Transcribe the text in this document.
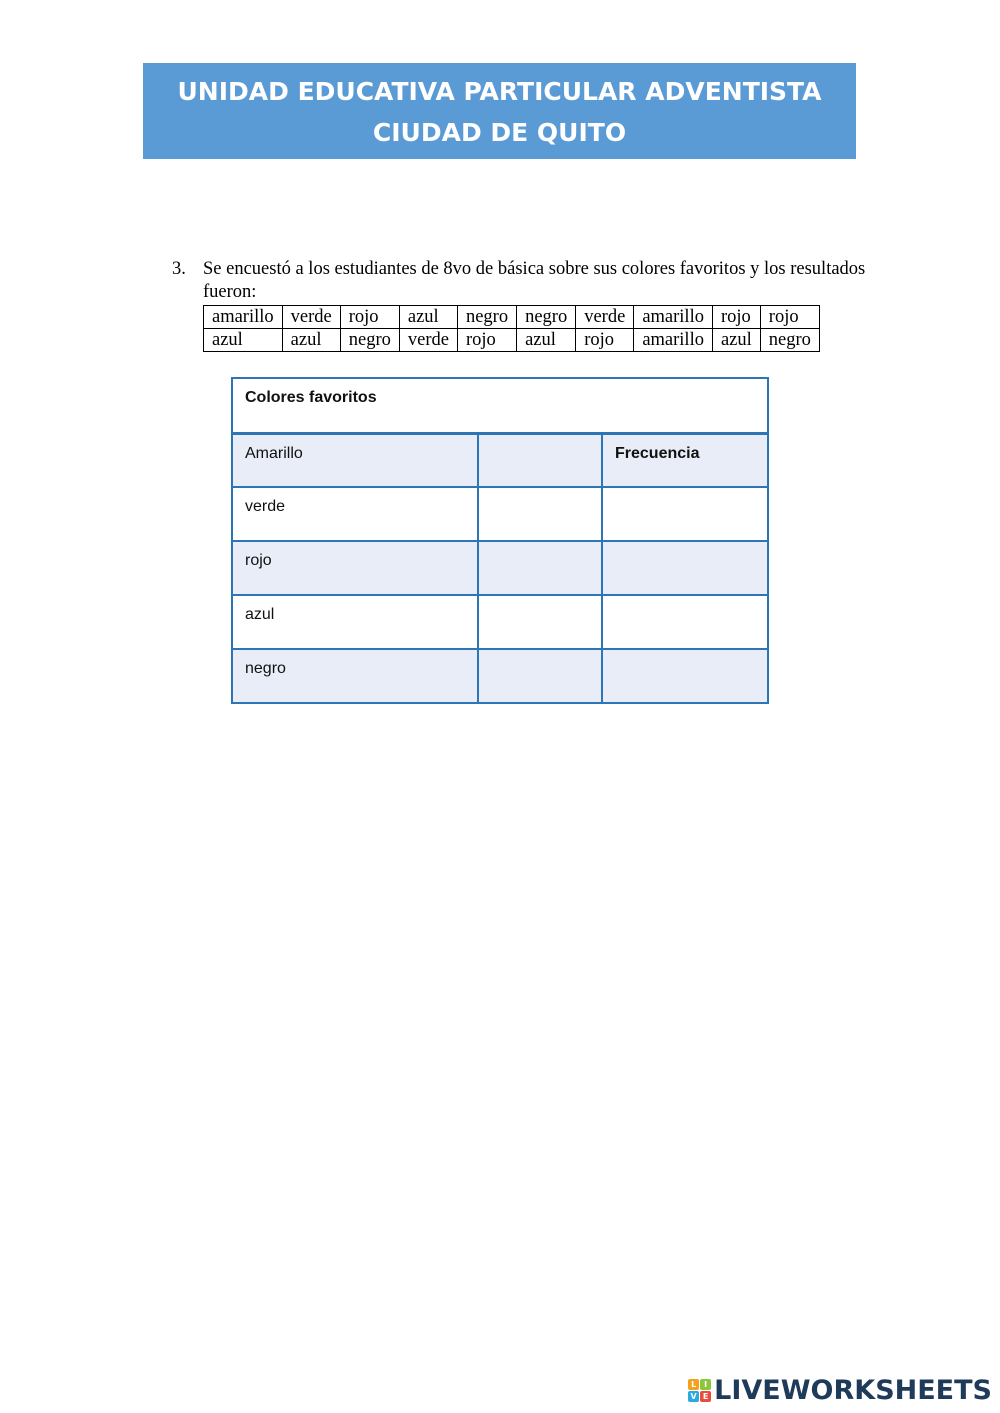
UNIDAD EDUCATIVA PARTICULAR ADVENTISTA
CIUDAD DE QUITO
3. Se encuestó a los estudiantes de 8vo de básica sobre sus colores favoritos y los resultados fueron:
amarillo	verde	rojo	azul	negro	negro	verde	amarillo	rojo	rojo
azul	azul	negro	verde	rojo	azul	rojo	amarillo	azul	negro
Colores favoritos		
Amarillo		Frecuencia
verde		
rojo		
azul		
negro		
L I
V E LIVEWORKSHEETS
